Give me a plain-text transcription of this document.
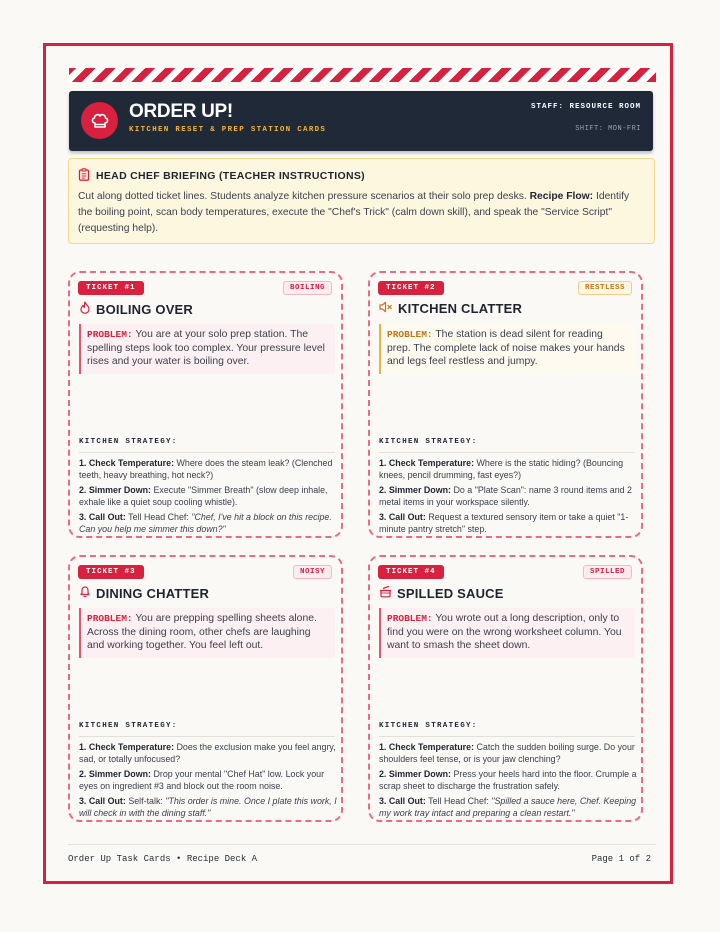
ORDER UP!
KITCHEN RESET & PREP STATION CARDS
STAFF: RESOURCE ROOM
SHIFT: MON-FRI
HEAD CHEF BRIEFING (TEACHER INSTRUCTIONS)
Cut along dotted ticket lines. Students analyze kitchen pressure scenarios at their solo prep desks. Recipe Flow: Identify the boiling point, scan body temperatures, execute the "Chef's Trick" (calm down skill), and speak the "Service Script" (requesting help).
TICKET #1	BOILING
BOILING OVER
PROBLEM: You are at your solo prep station. The spelling steps look too complex. Your pressure level rises and your water is boiling over.
KITCHEN STRATEGY:
1. Check Temperature: Where does the steam leak? (Clenched teeth, heavy breathing, hot neck?)
2. Simmer Down: Execute "Simmer Breath" (slow deep inhale, exhale like a quiet soup cooling whistle).
3. Call Out: Tell Head Chef: "Chef, I've hit a block on this recipe. Can you help me simmer this down?"
TICKET #2	RESTLESS
KITCHEN CLATTER
PROBLEM: The station is dead silent for reading prep. The complete lack of noise makes your hands and legs feel restless and jumpy.
KITCHEN STRATEGY:
1. Check Temperature: Where is the static hiding? (Bouncing knees, pencil drumming, fast eyes?)
2. Simmer Down: Do a "Plate Scan": name 3 round items and 2 metal items in your workspace silently.
3. Call Out: Request a textured sensory item or take a quiet "1-minute pantry stretch" step.
TICKET #3	NOISY
DINING CHATTER
PROBLEM: You are prepping spelling sheets alone. Across the dining room, other chefs are laughing and working together. You feel left out.
KITCHEN STRATEGY:
1. Check Temperature: Does the exclusion make you feel angry, sad, or totally unfocused?
2. Simmer Down: Drop your mental "Chef Hat" low. Lock your eyes on ingredient #3 and block out the room noise.
3. Call Out: Self-talk: "This order is mine. Once I plate this work, I will check in with the dining staff."
TICKET #4	SPILLED
SPILLED SAUCE
PROBLEM: You wrote out a long description, only to find you were on the wrong worksheet column. You want to smash the sheet down.
KITCHEN STRATEGY:
1. Check Temperature: Catch the sudden boiling surge. Do your shoulders feel tense, or is your jaw clenching?
2. Simmer Down: Press your heels hard into the floor. Crumple a scrap sheet to discharge the frustration safely.
3. Call Out: Tell Head Chef: "Spilled a sauce here, Chef. Keeping my work tray intact and preparing a clean restart."
Order Up Task Cards • Recipe Deck A	Page 1 of 2
